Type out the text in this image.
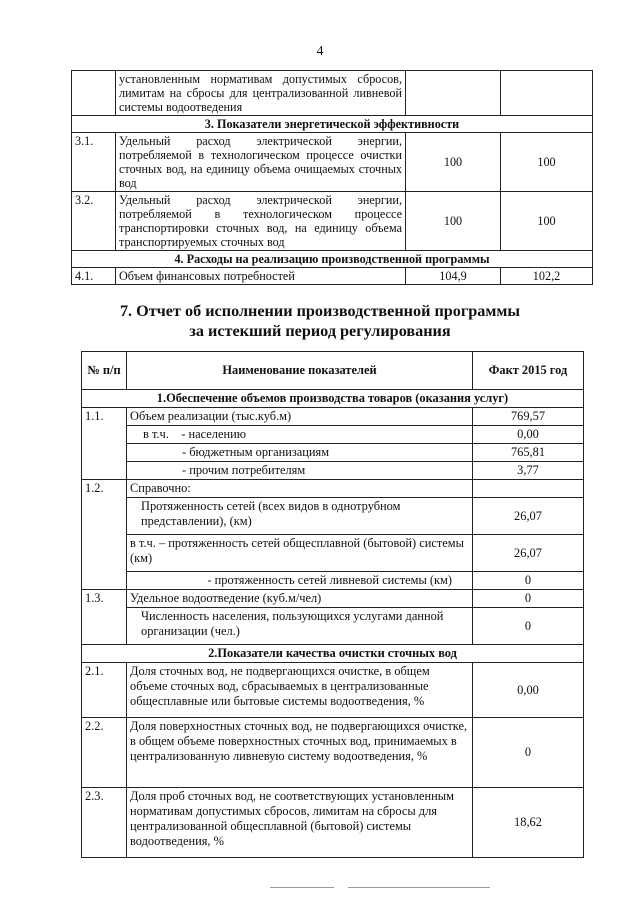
4
	установленным нормативам допустимых сбросов, лимитам на сбросы для централизованной ливневой системы водоотведения		
3. Показатели энергетической эффективности			
3.1.	Удельный расход электрической энергии, потребляемой в технологическом процессе очистки сточных вод, на единицу объема очищаемых сточных вод	100	100
3.2.	Удельный расход электрической энергии, потребляемой в технологическом процессе транспортировки сточных вод, на единицу объема транспортируемых сточных вод	100	100
4. Расходы на реализацию производственной программы			
4.1.	Объем финансовых потребностей	104,9	102,2
7. Отчет об исполнении производственной программы
за истекший период регулирования
№ п/п	Наименование показателей	Факт 2015 год
1.Обеспечение объемов производства товаров (оказания услуг)		
1.1.	Объем реализации (тыс.куб.м)	769,57
	в т.ч. - населению	0,00
	- бюджетным организациям	765,81
	- прочим потребителям	3,77
1.2.	Справочно:	
	Протяженность сетей (всех видов в однотрубном представлении), (км)	26,07
	в т.ч. – протяженность сетей общесплавной (бытовой) системы (км)	26,07
	- протяженность сетей ливневой системы (км)	0
1.3.	Удельное водоотведение (куб.м/чел)	0
	Численность населения, пользующихся услугами данной организации (чел.)	0
2.Показатели качества очистки сточных вод		
2.1.	Доля сточных вод, не подвергающихся очистке, в общем объеме сточных вод, сбрасываемых в централизованные общесплавные или бытовые системы водоотведения, %	0,00
2.2.	Доля поверхностных сточных вод, не подвергающихся очистке, в общем объеме поверхностных сточных вод, принимаемых в централизованную ливневую систему водоотведения, %	0
2.3.	Доля проб сточных вод, не соответствующих установленным нормативам допустимых сбросов, лимитам на сбросы для централизованной общесплавной (бытовой) системы водоотведения, %	18,62
